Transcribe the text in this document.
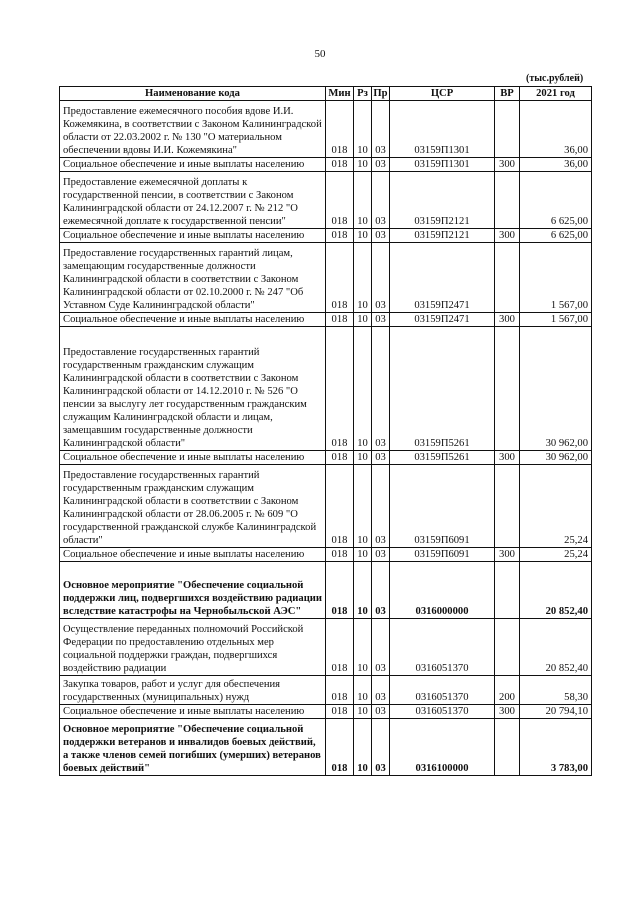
50
(тыс.рублей)
Наименование кода	Мин	Рз	Пр	ЦСР	ВР	2021 год
Предоставление ежемесячного пособия вдове И.И. Кожемякина, в соответствии с Законом Калининградской области от 22.03.2002 г. № 130 "О материальном обеспечении вдовы И.И. Кожемякина"	018	10	03	03159П1301		36,00
Социальное обеспечение и иные выплаты населению	018	10	03	03159П1301	300	36,00
Предоставление ежемесячной доплаты к государственной пенсии, в соответствии с Законом Калининградской области от 24.12.2007 г. № 212 "О ежемесячной доплате к государственной пенсии"	018	10	03	03159П2121		6 625,00
Социальное обеспечение и иные выплаты населению	018	10	03	03159П2121	300	6 625,00
Предоставление государственных гарантий лицам, замещающим государственные должности Калининградской области в соответствии с Законом Калининградской области от 02.10.2000 г. № 247 "Об Уставном Суде Калининградской области"	018	10	03	03159П2471		1 567,00
Социальное обеспечение и иные выплаты населению	018	10	03	03159П2471	300	1 567,00
Предоставление государственных гарантий государственным гражданским служащим Калининградской области в соответствии с Законом Калининградской области от 14.12.2010 г. № 526 "О пенсии за выслугу лет государственным гражданским служащим Калининградской области и лицам, замещавшим государственные должности Калининградской области"	018	10	03	03159П5261		30 962,00
Социальное обеспечение и иные выплаты населению	018	10	03	03159П5261	300	30 962,00
Предоставление государственных гарантий государственным гражданским служащим Калининградской области в соответствии с Законом Калининградской области от 28.06.2005 г. № 609 "О государственной гражданской службе Калининградской области"	018	10	03	03159П6091		25,24
Социальное обеспечение и иные выплаты населению	018	10	03	03159П6091	300	25,24
Основное мероприятие "Обеспечение социальной поддержки лиц, подвергшихся воздействию радиации вследствие катастрофы на Чернобыльской АЭС"	018	10	03	0316000000		20 852,40
Осуществление переданных полномочий Российской Федерации по предоставлению отдельных мер социальной поддержки граждан, подвергшихся воздействию радиации	018	10	03	0316051370		20 852,40
Закупка товаров, работ и услуг для обеспечения государственных (муниципальных) нужд	018	10	03	0316051370	200	58,30
Социальное обеспечение и иные выплаты населению	018	10	03	0316051370	300	20 794,10
Основное мероприятие "Обеспечение социальной поддержки ветеранов и инвалидов боевых действий, а также членов семей погибших (умерших) ветеранов боевых действий"	018	10	03	0316100000		3 783,00
